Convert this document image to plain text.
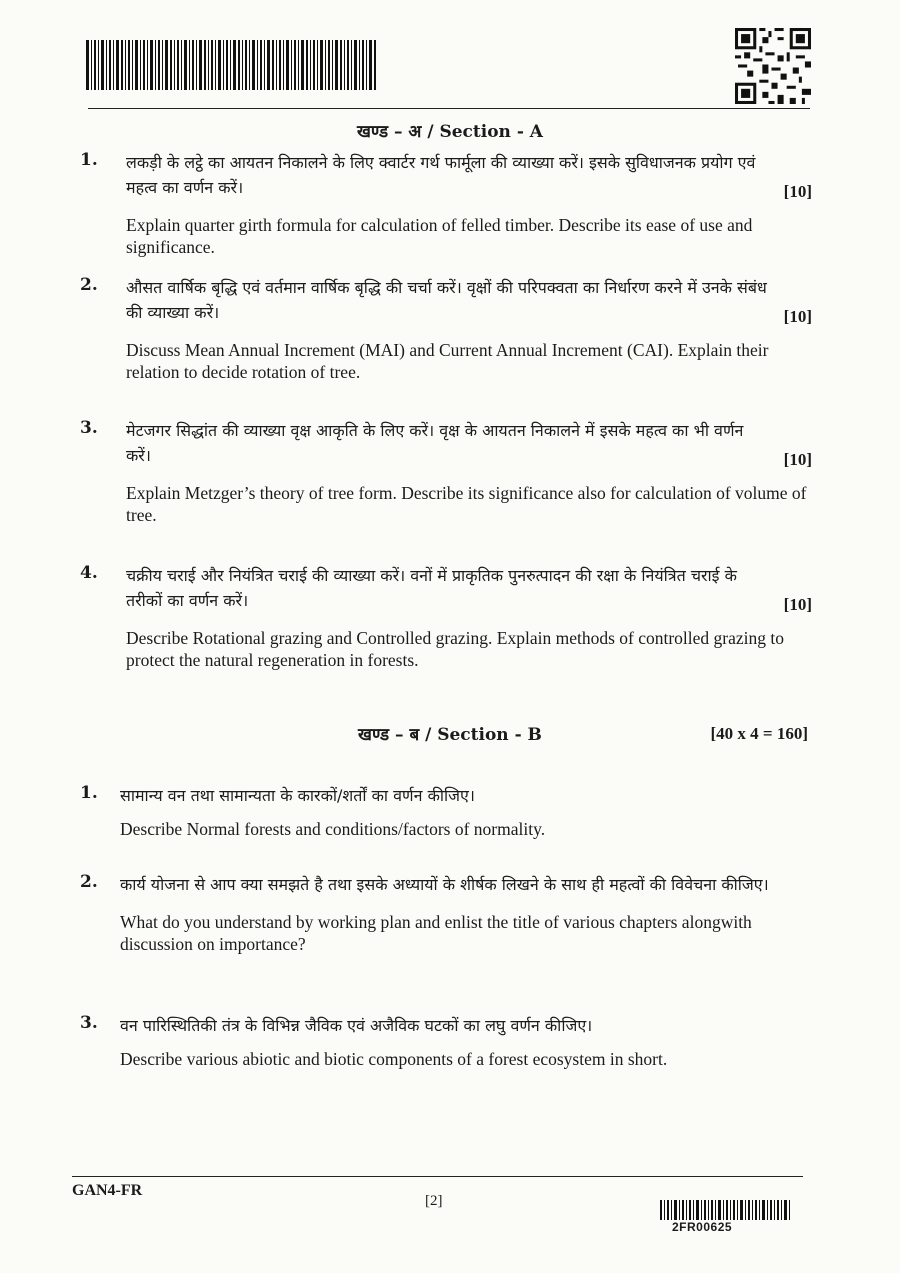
खण्ड – अ / Section - A
1. लकड़ी के लट्ठे का आयतन निकालने के लिए क्वार्टर गर्थ फार्मूला की व्याख्या करें। इसके सुविधाजनक प्रयोग एवं महत्व का वर्णन करें।	[10]
Explain quarter girth formula for calculation of felled timber. Describe its ease of use and significance.
2. औसत वार्षिक बृद्धि एवं वर्तमान वार्षिक बृद्धि की चर्चा करें। वृक्षों की परिपक्वता का निर्धारण करने में उनके संबंध की व्याख्या करें।	[10]
Discuss Mean Annual Increment (MAI) and Current Annual Increment (CAI). Explain their relation to decide rotation of tree.
3. मेटजगर सिद्धांत की व्याख्या वृक्ष आकृति के लिए करें। वृक्ष के आयतन निकालने में इसके महत्व का भी वर्णन करें।	[10]
Explain Metzger’s theory of tree form. Describe its significance also for calculation of volume of tree.
4. चक्रीय चराई और नियंत्रित चराई की व्याख्या करें। वनों में प्राकृतिक पुनरुत्पादन की रक्षा के नियंत्रित चराई के तरीकों का वर्णन करें।	[10]
Describe Rotational grazing and Controlled grazing. Explain methods of controlled grazing to protect the natural regeneration in forests.
खण्ड – ब / Section - B	[40 x 4 = 160]
1. सामान्य वन तथा सामान्यता के कारकों/शर्तों का वर्णन कीजिए।
Describe Normal forests and conditions/factors of normality.
2. कार्य योजना से आप क्या समझते है तथा इसके अध्यायों के शीर्षक लिखने के साथ ही महत्वों की विवेचना कीजिए।
What do you understand by working plan and enlist the title of various chapters alongwith discussion on importance?
3. वन पारिस्थितिकी तंत्र के विभिन्न जैविक एवं अजैविक घटकों का लघु वर्णन कीजिए।
Describe various abiotic and biotic components of a forest ecosystem in short.
GAN4-FR
[2]
2FR00625
